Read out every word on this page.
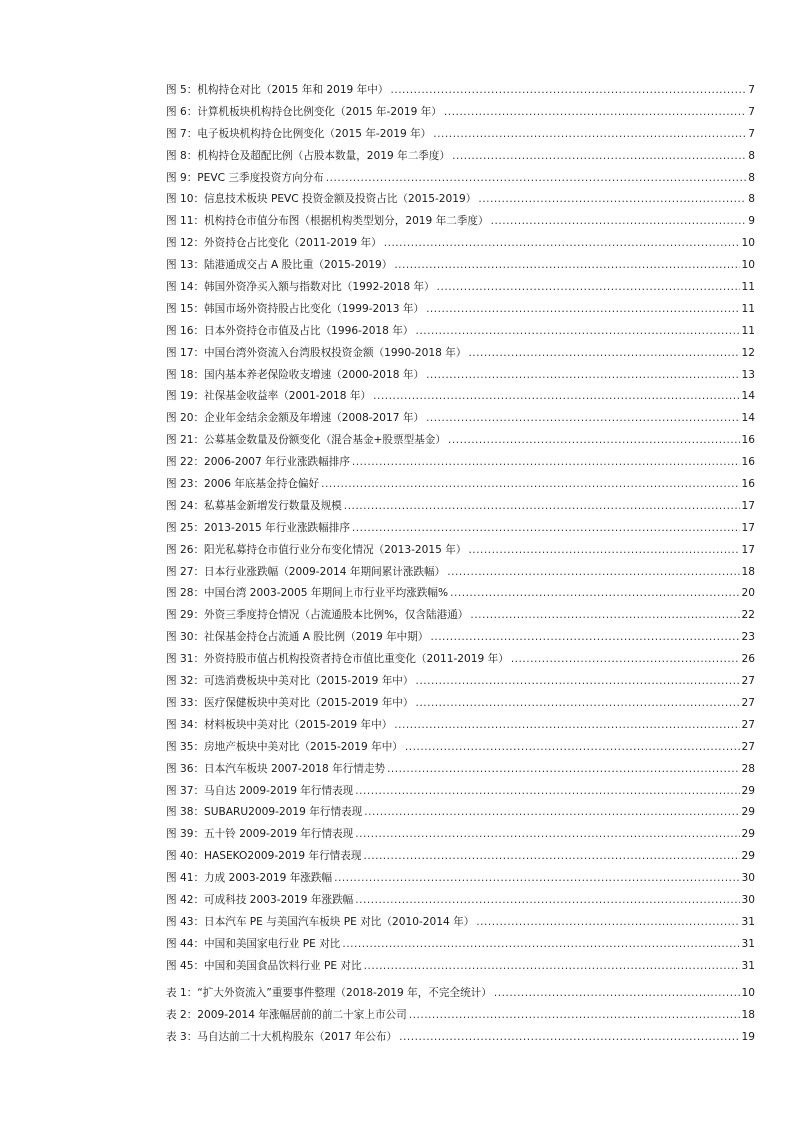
图 5： 机构持仓对比（2015 年和 2019 年中） .....	7
图 6： 计算机板块机构持仓比例变化（2015 年-2019 年） .....	7
图 7： 电子板块机构持仓比例变化（2015 年-2019 年） .....	7
图 8： 机构持仓及超配比例（占股本数量，2019 年二季度） .....	8
图 9： PEVC 三季度投资方向分布 .....	8
图 10： 信息技术板块 PEVC 投资金额及投资占比（2015-2019） .....	8
图 11： 机构持仓市值分布图（根据机构类型划分，2019 年二季度） .....	9
图 12： 外资持仓占比变化（2011-2019 年） .....	10
图 13： 陆港通成交占 A 股比重（2015-2019） .....	10
图 14： 韩国外资净买入额与指数对比（1992-2018 年） .....	11
图 15： 韩国市场外资持股占比变化（1999-2013 年） .....	11
图 16： 日本外资持仓市值及占比（1996-2018 年） .....	11
图 17： 中国台湾外资流入台湾股权投资金额（1990-2018 年） .....	12
图 18： 国内基本养老保险收支增速（2000-2018 年） .....	13
图 19： 社保基金收益率（2001-2018 年） .....	14
图 20： 企业年金结余金额及年增速（2008-2017 年） .....	14
图 21： 公募基金数量及份额变化（混合基金+股票型基金） .....	16
图 22： 2006-2007 年行业涨跌幅排序 .....	16
图 23： 2006 年底基金持仓偏好 .....	16
图 24： 私募基金新增发行数量及规模 .....	17
图 25： 2013-2015 年行业涨跌幅排序 .....	17
图 26： 阳光私募持仓市值行业分布变化情况（2013-2015 年） .....	17
图 27： 日本行业涨跌幅（2009-2014 年期间累计涨跌幅） .....	18
图 28： 中国台湾 2003-2005 年期间上市行业平均涨跌幅% .....	20
图 29： 外资三季度持仓情况（占流通股本比例%，仅含陆港通） .....	22
图 30： 社保基金持仓占流通 A 股比例（2019 年中期） .....	23
图 31： 外资持股市值占机构投资者持仓市值比重变化（2011-2019 年） .....	26
图 32： 可选消费板块中美对比（2015-2019 年中） .....	27
图 33： 医疗保健板块中美对比（2015-2019 年中） .....	27
图 34： 材料板块中美对比（2015-2019 年中） .....	27
图 35： 房地产板块中美对比（2015-2019 年中） .....	27
图 36： 日本汽车板块 2007-2018 年行情走势 .....	28
图 37： 马自达 2009-2019 年行情表现 .....	29
图 38： SUBARU2009-2019 年行情表现 .....	29
图 39： 五十铃 2009-2019 年行情表现 .....	29
图 40： HASEKO2009-2019 年行情表现 .....	29
图 41： 力成 2003-2019 年涨跌幅 .....	30
图 42： 可成科技 2003-2019 年涨跌幅 .....	30
图 43： 日本汽车 PE 与美国汽车板块 PE 对比（2010-2014 年） .....	31
图 44： 中国和美国家电行业 PE 对比 .....	31
图 45： 中国和美国食品饮料行业 PE 对比 .....	31
表 1： “扩大外资流入”重要事件整理（2018-2019 年，不完全统计） .....	10
表 2： 2009-2014 年涨幅居前的前二十家上市公司 .....	18
表 3： 马自达前二十大机构股东（2017 年公布） .....	19
